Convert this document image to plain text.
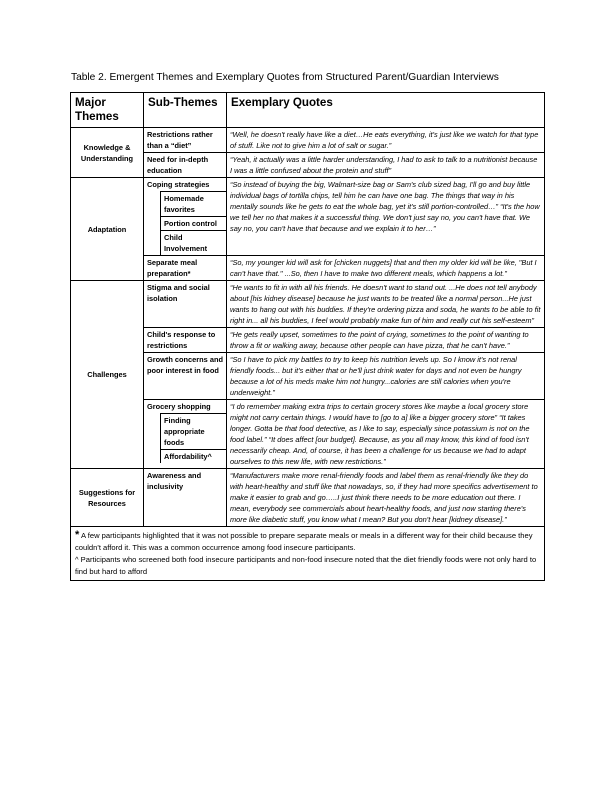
Table 2. Emergent Themes and Exemplary Quotes from Structured Parent/Guardian Interviews
Major Themes
Sub-Themes	Exemplary Quotes
Knowledge & Understanding
Restrictions rather than a “diet”
“Well, he doesn't really have like a diet…He eats everything, it's just like we watch for that type of stuff. Like not to give him a lot of salt or sugar.”
Need for in-depth education
“Yeah, it actually was a little harder understanding, I had to ask to talk to a nutritionist because I was a little confused about the protein and stuff”
Adaptation
Coping strategies
Homemade favorites
Portion control
Child Involvement
“So instead of buying the big, Walmart-size bag or Sam's club sized bag, I'll go and buy little individual bags of tortilla chips, tell him he can have one bag. The things that way in his mentally sounds like he gets to eat the whole bag, yet it's still portion-controlled…” “It's the how we tell her no that makes it a successful thing. We don't just say no, you can't have that. We say no, you can't have that because and we explain it to her…”
Separate meal preparation*
“So, my younger kid will ask for [chicken nuggets] that and then my older kid will be like, "But I can't have that." ...So, then I have to make two different meals, which happens a lot.”
Challenges
Stigma and social isolation
“He wants to fit in with all his friends. He doesn't want to stand out. ...He does not tell anybody about [his kidney disease] because he just wants to be treated like a normal person...He just wants to hang out with his buddies. If they're ordering pizza and soda, he wants to be able to fit right in... all his buddies, I feel would probably make fun of him and really cut his self-esteem”
Child's response to restrictions
“He gets really upset, sometimes to the point of crying, sometimes to the point of wanting to throw a fit or walking away, because other people can have pizza, that he can't have.”
Growth concerns and poor interest in food
“So I have to pick my battles to try to keep his nutrition levels up. So I know it's not renal friendly foods... but it's either that or he'll just drink water for days and not even be hungry because a lot of his meds make him not hungry...calories are still calories when you're underweight.”
Grocery shopping
Finding appropriate foods
Affordability^
“I do remember making extra trips to certain grocery stores like maybe a local grocery store might not carry certain things. I would have to [go to a] like a bigger grocery store” “It takes longer. Gotta be that food detective, as I like to say, especially since potassium is not on the food label.” “It does affect [our budget]. Because, as you all may know, this kind of food isn't necessarily cheap. And, of course, it has been a challenge for us because we had to adapt ourselves to this new life, with new restrictions.”
Suggestions for Resources
Awareness and inclusivity
“Manufacturers make more renal-friendly foods and label them as renal-friendly like they do with heart-healthy and stuff like that nowadays, so, if they had more specifics advertisement to make it easier to grab and go…..I just think there needs to be more education out there. I mean, everybody see commercials about heart-healthy foods, and just now starting there's more like diabetic stuff, you know what I mean? But you don't hear [kidney disease].”
* A few participants highlighted that it was not possible to prepare separate meals or meals in a different way for their child because they couldn't afford it. This was a common occurrence among food insecure participants.
^ Participants who screened both food insecure participants and non-food insecure noted that the diet friendly foods were not only hard to find but hard to afford
